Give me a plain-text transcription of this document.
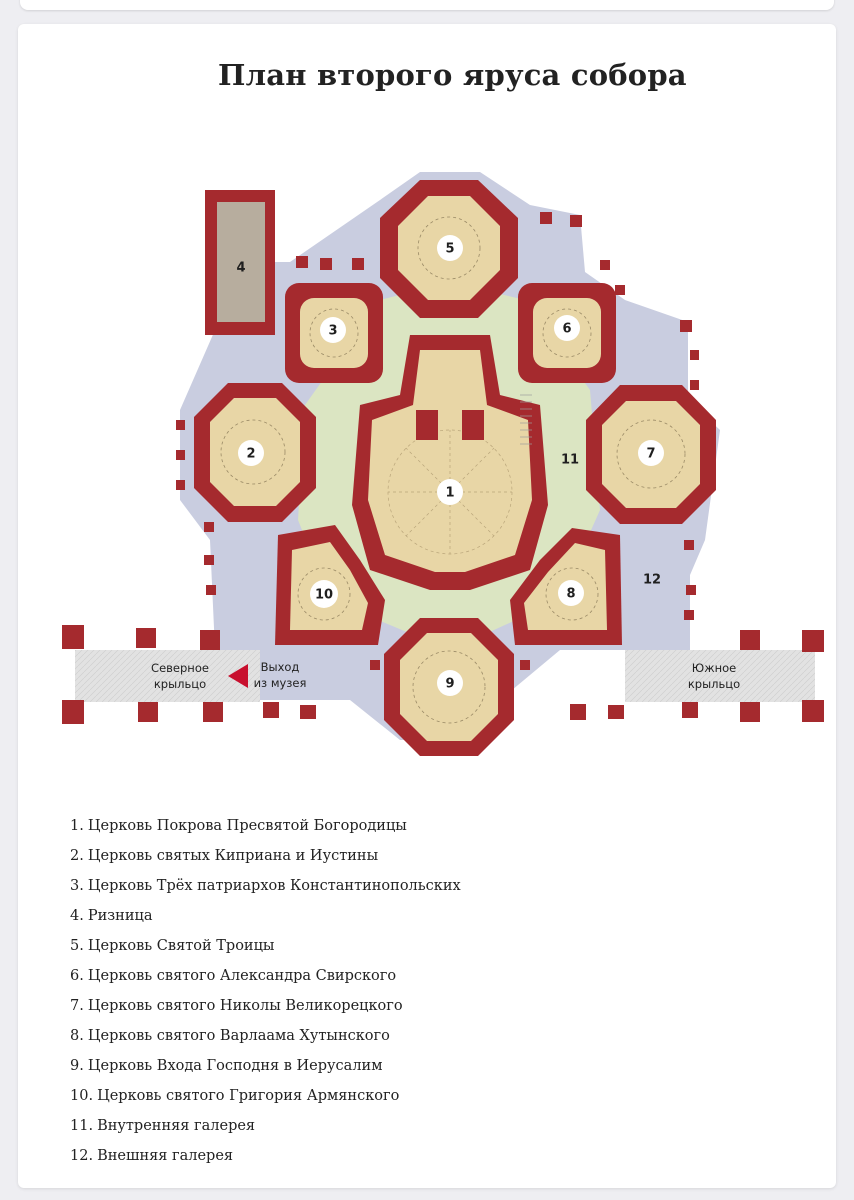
План второго яруса собора
1
2
3
4
5
6
7
8
9
10
11
12
Северное
крыльцо
Выход
из музея
Южное
крыльцо
1. Церковь Покрова Пресвятой Богородицы
2. Церковь святых Киприана и Иустины
3. Церковь Трёх патриархов Константинопольских
4. Ризница
5. Церковь Святой Троицы
6. Церковь святого Александра Свирского
7. Церковь святого Николы Великорецкого
8. Церковь святого Варлаама Хутынского
9. Церковь Входа Господня в Иерусалим
10. Церковь святого Григория Армянского
11. Внутренняя галерея
12. Внешняя галерея
